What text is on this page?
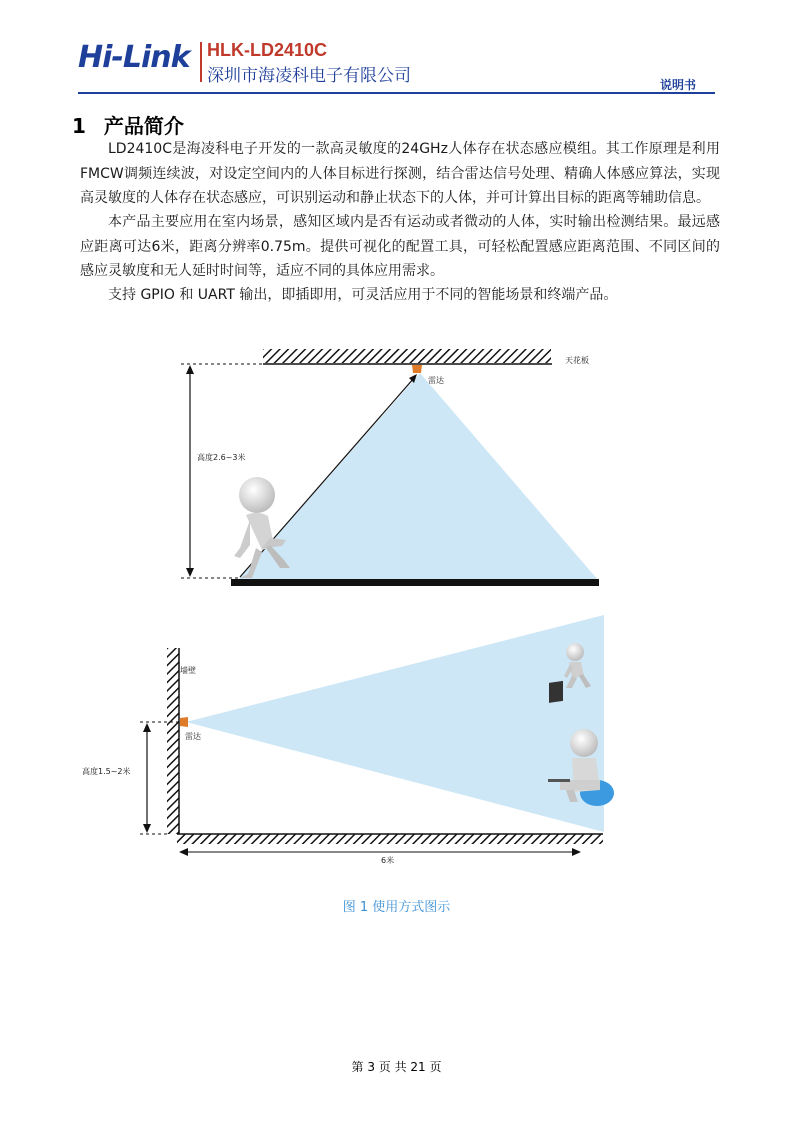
Hi-Link HLK-LD2410C
深圳市海凌科电子有限公司	说明书
1 产品简介
LD2410C是海凌科电子开发的一款高灵敏度的24GHz人体存在状态感应模组。其工作原理是利用FMCW调频连续波，对设定空间内的人体目标进行探测，结合雷达信号处理、精确人体感应算法，实现高灵敏度的人体存在状态感应，可识别运动和静止状态下的人体，并可计算出目标的距离等辅助信息。
本产品主要应用在室内场景，感知区域内是否有运动或者微动的人体，实时输出检测结果。最远感应距离可达6米，距离分辨率0.75m。提供可视化的配置工具，可轻松配置感应距离范围、不同区间的感应灵敏度和无人延时时间等，适应不同的具体应用需求。
支持 GPIO 和 UART 输出，即插即用，可灵活应用于不同的智能场景和终端产品。
天花板
雷达
高度2.6~3米
墙壁
雷达
高度1.5~2米
6米
图 1 使用方式图示
第 3 页 共 21 页
